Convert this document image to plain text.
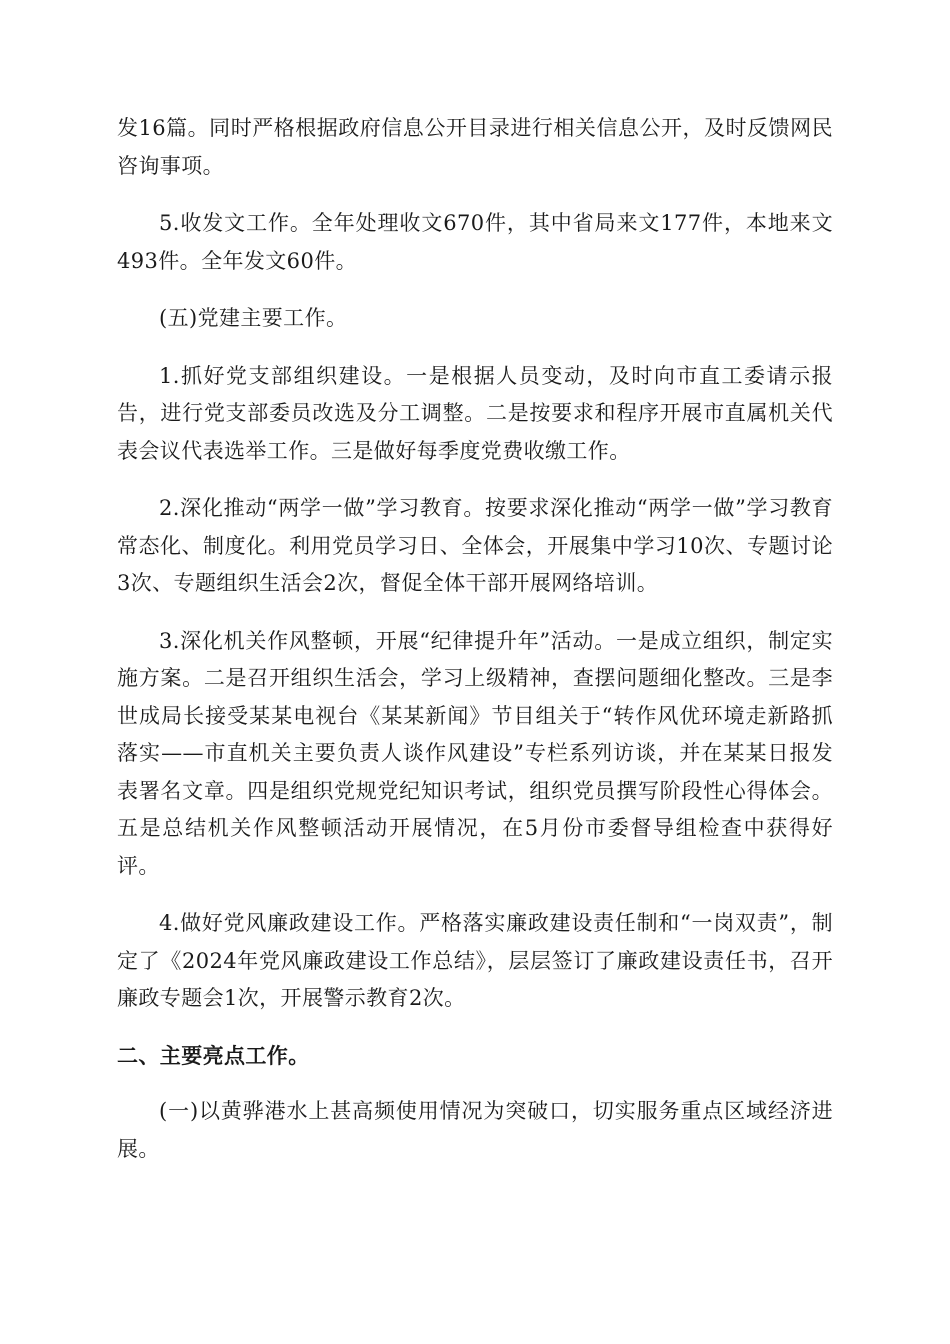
发16篇。同时严格根据政府信息公开目录进行相关信息公开，及时反馈网民咨询事项。

5.收发文工作。全年处理收文670件，其中省局来文177件，本地来文493件。全年发文60件。

(五)党建主要工作。

1.抓好党支部组织建设。一是根据人员变动，及时向市直工委请示报告，进行党支部委员改选及分工调整。二是按要求和程序开展市直属机关代表会议代表选举工作。三是做好每季度党费收缴工作。

2.深化推动“两学一做”学习教育。按要求深化推动“两学一做”学习教育常态化、制度化。利用党员学习日、全体会，开展集中学习10次、专题讨论3次、专题组织生活会2次，督促全体干部开展网络培训。

3.深化机关作风整顿，开展“纪律提升年”活动。一是成立组织，制定实施方案。二是召开组织生活会，学习上级精神，查摆问题细化整改。三是李世成局长接受某某电视台《某某新闻》节目组关于“转作风优环境走新路抓落实——市直机关主要负责人谈作风建设”专栏系列访谈，并在某某日报发表署名文章。四是组织党规党纪知识考试，组织党员撰写阶段性心得体会。五是总结机关作风整顿活动开展情况，在5月份市委督导组检查中获得好评。

4.做好党风廉政建设工作。严格落实廉政建设责任制和“一岗双责”，制定了《2024年党风廉政建设工作总结》，层层签订了廉政建设责任书，召开廉政专题会1次，开展警示教育2次。

二、主要亮点工作。

(一)以黄骅港水上甚高频使用情况为突破口，切实服务重点区域经济进展。
